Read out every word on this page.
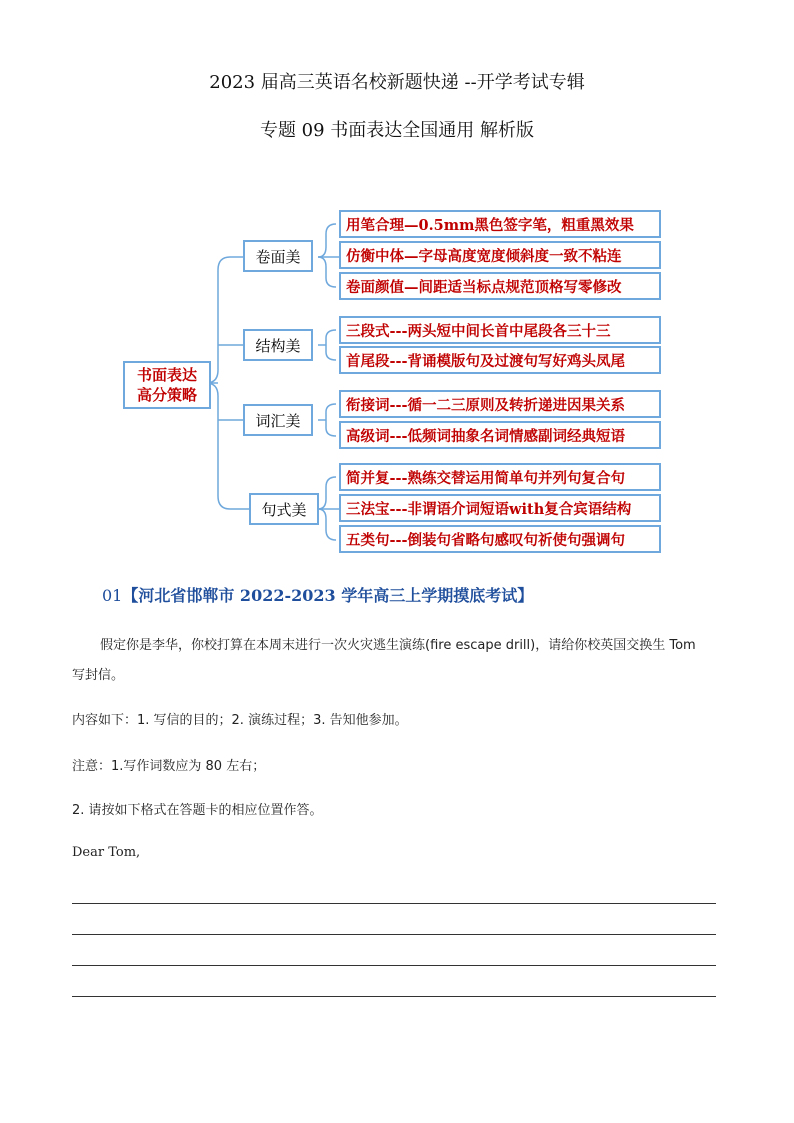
2023 届高三英语名校新题快递 --开学考试专辑
专题 09 书面表达全国通用 解析版
书面表达
高分策略
卷面美
结构美
词汇美
句式美
用笔合理—0.5mm黑色签字笔，粗重黑效果
仿衡中体—字母高度宽度倾斜度一致不粘连
卷面颜值—间距适当标点规范顶格写零修改
三段式---两头短中间长首中尾段各三十三
首尾段---背诵模版句及过渡句写好鸡头凤尾
衔接词---循一二三原则及转折递进因果关系
高级词---低频词抽象名词情感副词经典短语
简并复---熟练交替运用简单句并列句复合句
三法宝---非谓语介词短语with复合宾语结构
五类句---倒装句省略句感叹句祈使句强调句
01【河北省邯郸市 2022-2023 学年高三上学期摸底考试】
假定你是李华，你校打算在本周末进行一次火灾逃生演练(fire escape drill)，请给你校英国交换生 Tom
写封信。
内容如下：1. 写信的目的；2. 演练过程；3. 告知他参加。
注意：1.写作词数应为 80 左右；
2. 请按如下格式在答题卡的相应位置作答。
Dear Tom,
